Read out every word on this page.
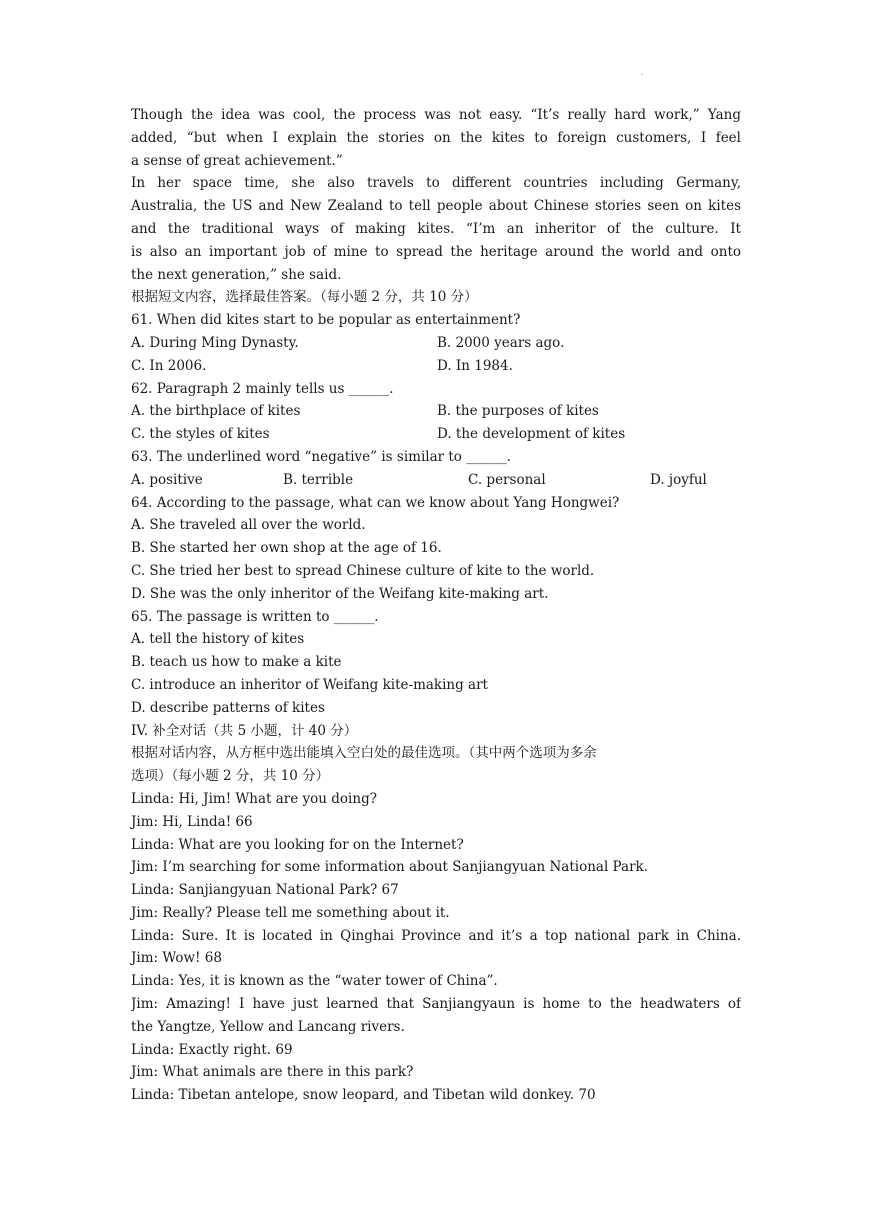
.
Though the idea was cool, the process was not easy. “It’s really hard work,” Yang
added, “but when I explain the stories on the kites to foreign customers, I feel
a sense of great achievement.”
In her space time, she also travels to different countries including Germany,
Australia, the US and New Zealand to tell people about Chinese stories seen on kites
and the traditional ways of making kites. “I’m an inheritor of the culture. It
is also an important job of mine to spread the heritage around the world and onto
the next generation,” she said.
根据短文内容，选择最佳答案。（每小题 2 分，共 10 分）
61. When did kites start to be popular as entertainment?
A. During Ming Dynasty.	B. 2000 years ago.
C. In 2006.	D. In 1984.
62. Paragraph 2 mainly tells us ______.
A. the birthplace of kites	B. the purposes of kites
C. the styles of kites	D. the development of kites
63. The underlined word “negative” is similar to ______.
A. positive	B. terrible	C. personal	D. joyful
64. According to the passage, what can we know about Yang Hongwei?
A. She traveled all over the world.
B. She started her own shop at the age of 16.
C. She tried her best to spread Chinese culture of kite to the world.
D. She was the only inheritor of the Weifang kite-making art.
65. The passage is written to ______.
A. tell the history of kites
B. teach us how to make a kite
C. introduce an inheritor of Weifang kite-making art
D. describe patterns of kites
IV. 补全对话（共 5 小题，计 40 分）
根据对话内容，从方框中选出能填入空白处的最佳选项。（其中两个选项为多余
选项）（每小题 2 分，共 10 分）
Linda: Hi, Jim! What are you doing?
Jim: Hi, Linda! 66
Linda: What are you looking for on the Internet?
Jim: I’m searching for some information about Sanjiangyuan National Park.
Linda: Sanjiangyuan National Park? 67
Jim: Really? Please tell me something about it.
Linda: Sure. It is located in Qinghai Province and it’s a top national park in China.
Jim: Wow! 68
Linda: Yes, it is known as the “water tower of China”.
Jim: Amazing! I have just learned that Sanjiangyaun is home to the headwaters of
the Yangtze, Yellow and Lancang rivers.
Linda: Exactly right. 69
Jim: What animals are there in this park?
Linda: Tibetan antelope, snow leopard, and Tibetan wild donkey. 70
